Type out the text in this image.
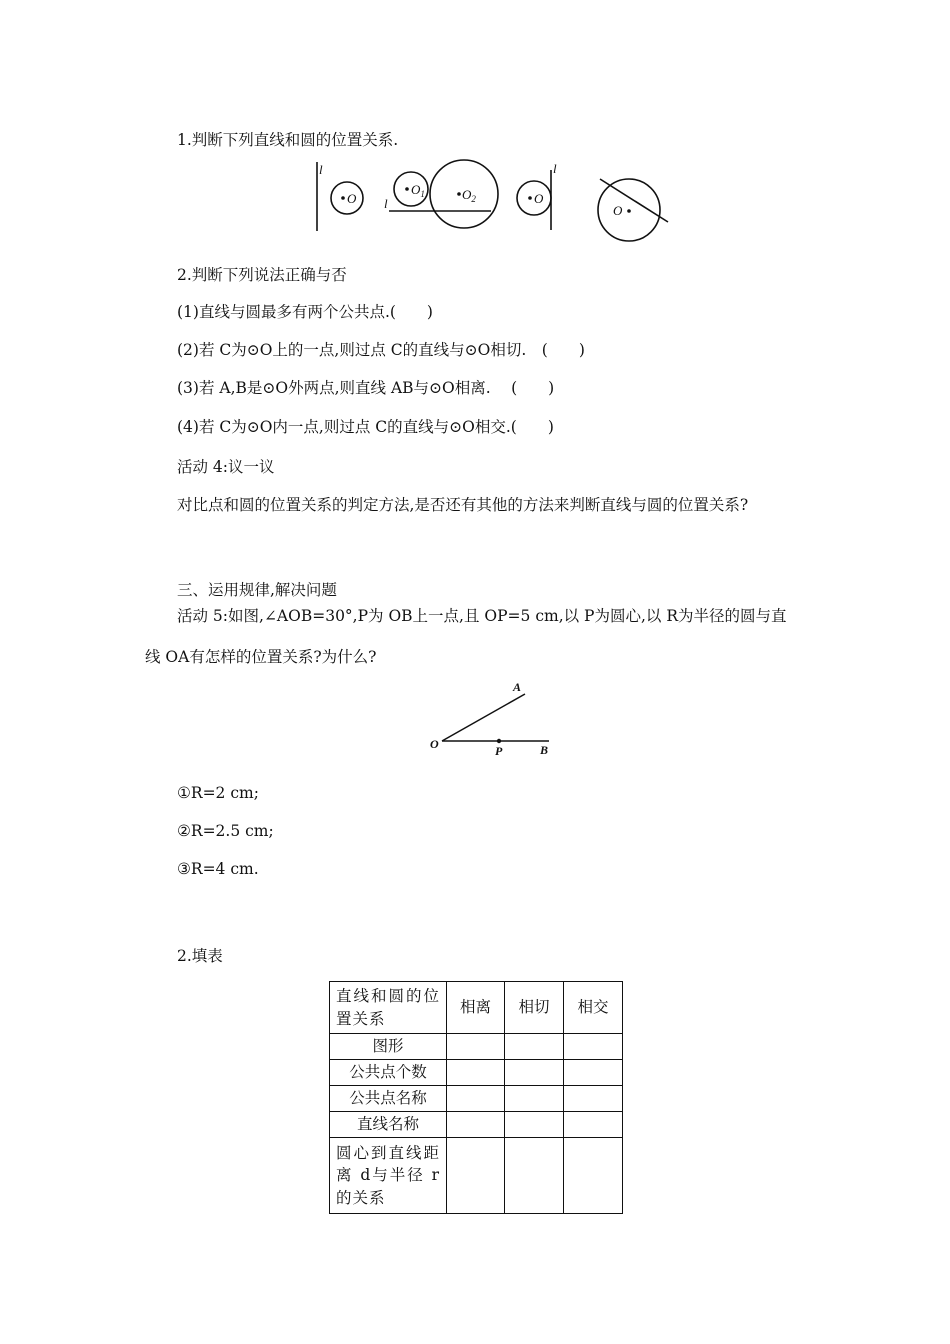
1.判断下列直线和圆的位置关系.
l
O
$O_1$	$O_2$
l	O
l
O
2.判断下列说法正确与否
(1)直线与圆最多有两个公共点.(　　)
(2)若 C为⊙O上的一点,则过点 C的直线与⊙O相切.　(　　)
(3)若 A,B是⊙O外两点,则直线 AB与⊙O相离.　 (　　)
(4)若 C为⊙O内一点,则过点 C的直线与⊙O相交.(　　)
活动 4:议一议
对比点和圆的位置关系的判定方法,是否还有其他的方法来判断直线与圆的位置关系?
三、运用规律,解决问题
活动 5:如图,∠AOB=30°,P为 OB上一点,且 OP=5 cm,以 P为圆心,以 R为半径的圆与直
线 OA有怎样的位置关系?为什么?
A
O	P	B
①R=2 cm;
②R=2.5 cm;
③R=4 cm.
2.填表
直线和圆的位置关系	相离	相切	相交
图形			
公共点个数			
公共点名称			
直线名称			
圆心到直线距离 d与半径 r的关系			
